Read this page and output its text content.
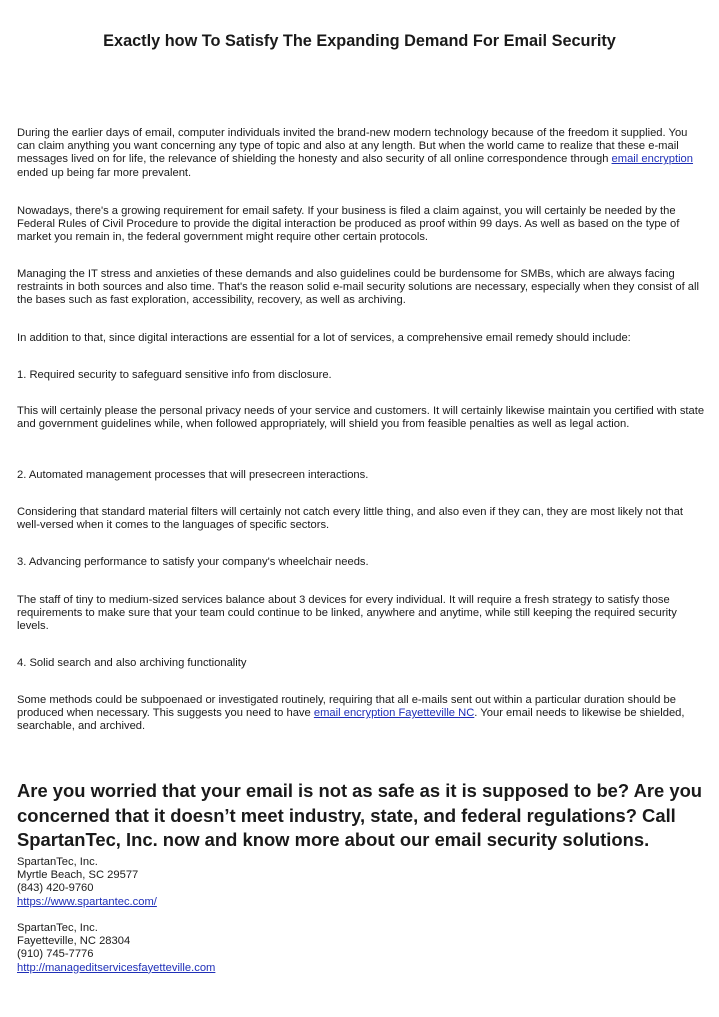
Exactly how To Satisfy The Expanding Demand For Email Security

During the earlier days of email, computer individuals invited the brand-new modern technology because of the freedom it supplied. You can claim anything you want concerning any type of topic and also at any length. But when the world came to realize that these e-mail messages lived on for life, the relevance of shielding the honesty and also security of all online correspondence through email encryption ended up being far more prevalent.

Nowadays, there's a growing requirement for email safety. If your business is filed a claim against, you will certainly be needed by the Federal Rules of Civil Procedure to provide the digital interaction be produced as proof within 99 days. As well as based on the type of market you remain in, the federal government might require other certain protocols.

Managing the IT stress and anxieties of these demands and also guidelines could be burdensome for SMBs, which are always facing restraints in both sources and also time. That's the reason solid e-mail security solutions are necessary, especially when they consist of all the bases such as fast exploration, accessibility, recovery, as well as archiving.

In addition to that, since digital interactions are essential for a lot of services, a comprehensive email remedy should include:

1. Required security to safeguard sensitive info from disclosure.

This will certainly please the personal privacy needs of your service and customers. It will certainly likewise maintain you certified with state and government guidelines while, when followed appropriately, will shield you from feasible penalties as well as legal action.

2. Automated management processes that will presecreen interactions.

Considering that standard material filters will certainly not catch every little thing, and also even if they can, they are most likely not that well-versed when it comes to the languages of specific sectors.

3. Advancing performance to satisfy your company's wheelchair needs.

The staff of tiny to medium-sized services balance about 3 devices for every individual. It will require a fresh strategy to satisfy those requirements to make sure that your team could continue to be linked, anywhere and anytime, while still keeping the required security levels.

4. Solid search and also archiving functionality

Some methods could be subpoenaed or investigated routinely, requiring that all e-mails sent out within a particular duration should be produced when necessary. This suggests you need to have email encryption Fayetteville NC. Your email needs to likewise be shielded, searchable, and archived.

Are you worried that your email is not as safe as it is supposed to be? Are you concerned that it doesn’t meet industry, state, and federal regulations? Call SpartanTec, Inc. now and know more about our email security solutions.
SpartanTec, Inc.
Myrtle Beach, SC 29577
(843) 420-9760
https://www.spartantec.com/
SpartanTec, Inc.
Fayetteville, NC 28304
(910) 745-7776
http://manageditservicesfayetteville.com
